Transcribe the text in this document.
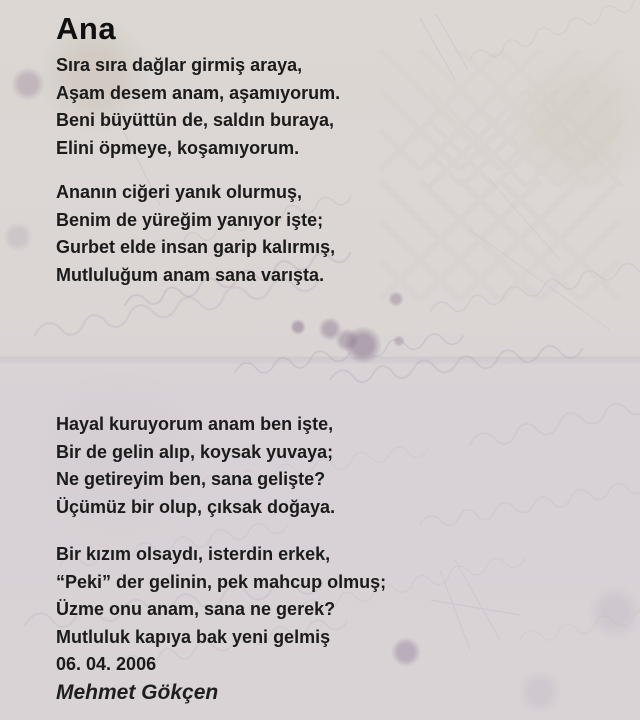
Ana
Sıra sıra dağlar girmiş araya,
Aşam desem anam, aşamıyorum.
Beni büyüttün de, saldın buraya,
Elini öpmeye, koşamıyorum.
Ananın ciğeri yanık olurmuş,
Benim de yüreğim yanıyor işte;
Gurbet elde insan garip kalırmış,
Mutluluğum anam sana varışta.
Hayal kuruyorum anam ben işte,
Bir de gelin alıp, koysak yuvaya;
Ne getireyim ben, sana gelişte?
Üçümüz bir olup, çıksak doğaya.
Bir kızım olsaydı, isterdin erkek,
“Peki” der gelinin, pek mahcup olmuş;
Üzme onu anam, sana ne gerek?
Mutluluk kapıya bak yeni gelmiş
06. 04. 2006
Mehmet Gökçen
